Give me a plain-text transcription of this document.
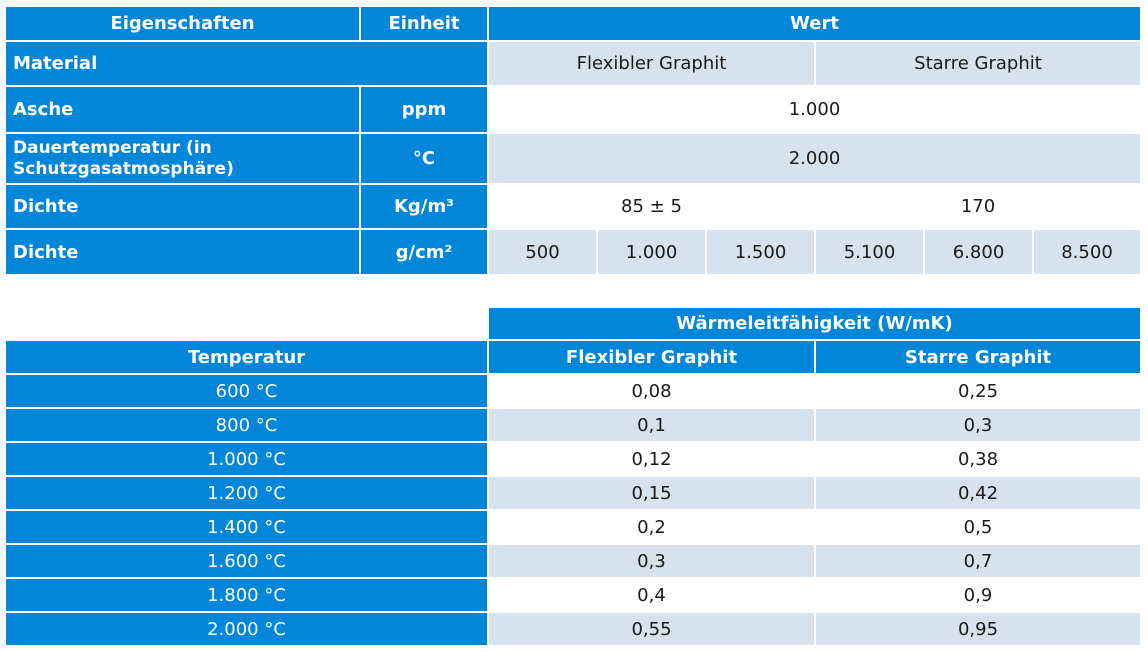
Eigenschaften	Einheit	Wert					
Material		Flexibler Graphit			Starre Graphit		
Asche	ppm	1.000					
Dauertemperatur (in Schutzgasatmosphäre)	°C	2.000					
Dichte	Kg/m³	85 ± 5			170		
Dichte	g/cm²	500	1.000	1.500	5.100	6.800	8.500
	Wärmeleitfähigkeit (W/mK)	
Temperatur	Flexibler Graphit	Starre Graphit
600 °C	0,08	0,25
800 °C	0,1	0,3
1.000 °C	0,12	0,38
1.200 °C	0,15	0,42
1.400 °C	0,2	0,5
1.600 °C	0,3	0,7
1.800 °C	0,4	0,9
2.000 °C	0,55	0,95
